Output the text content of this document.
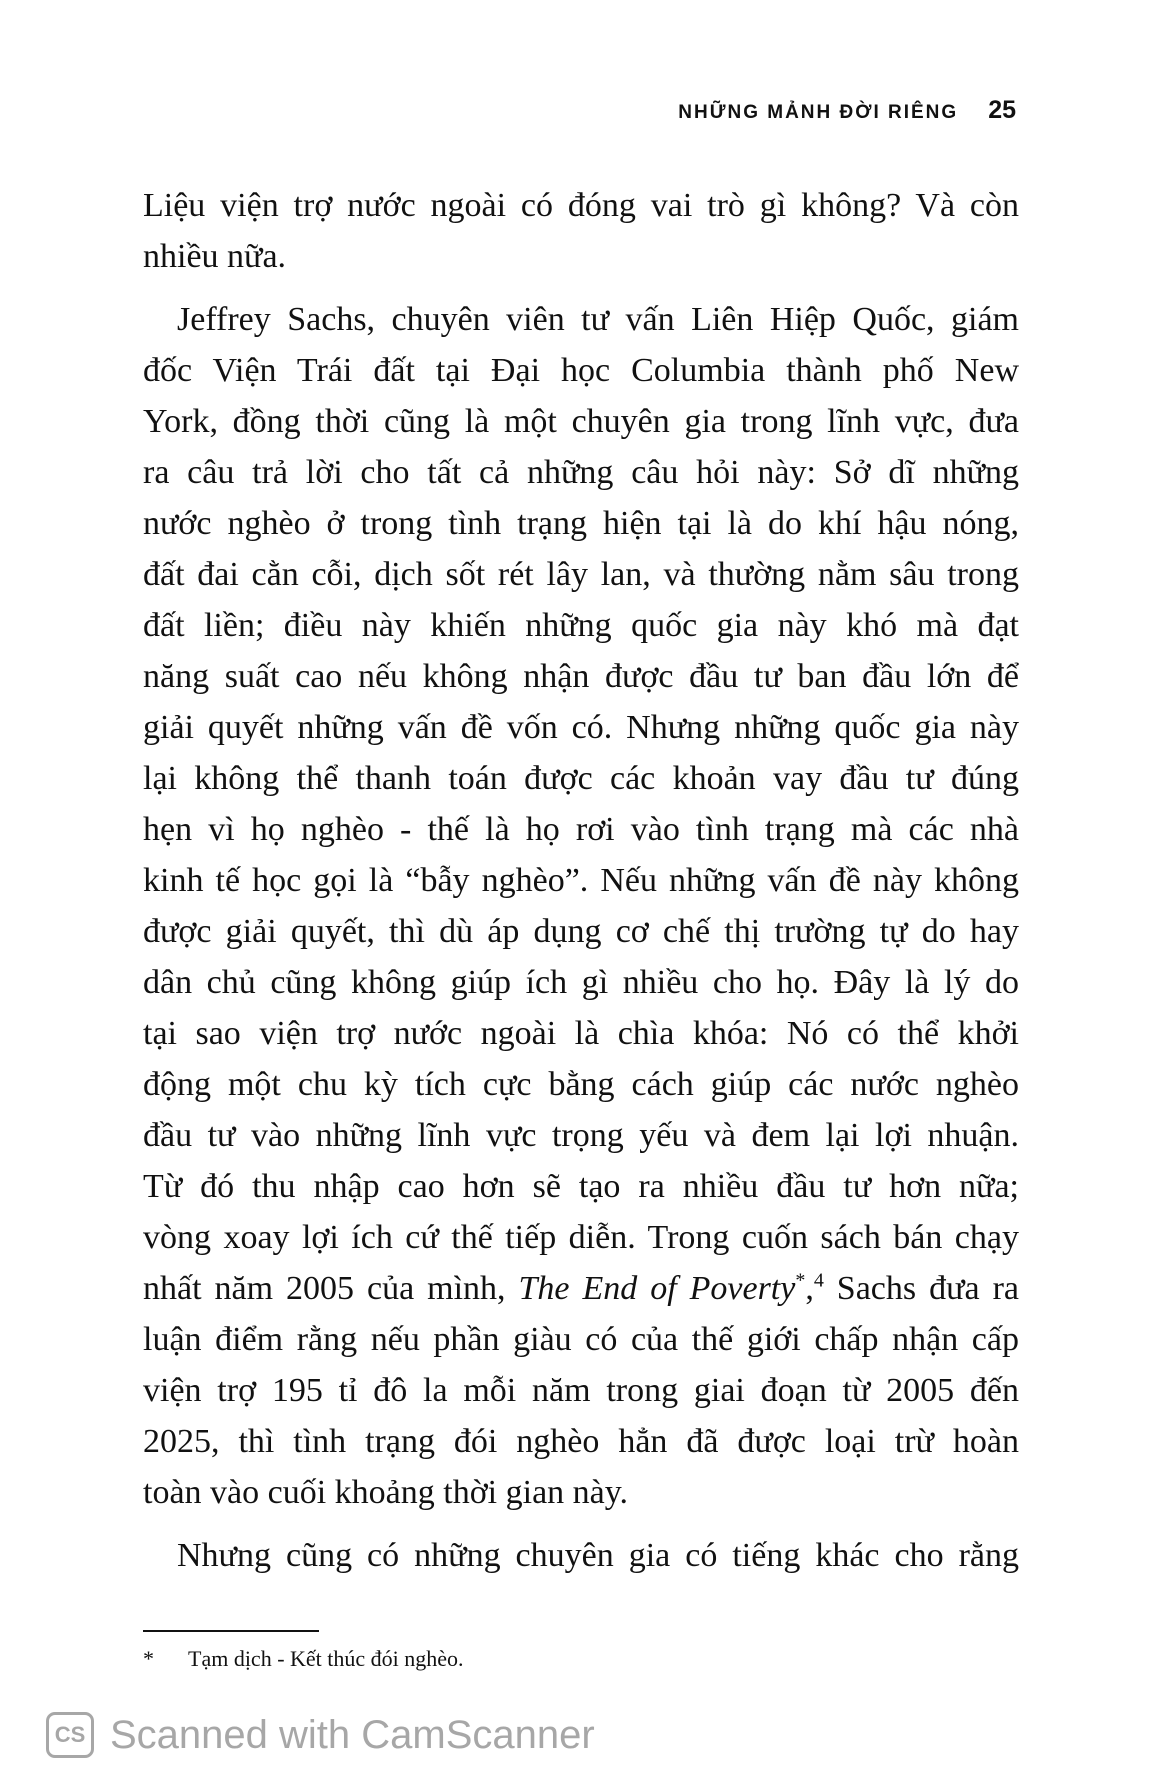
NHỮNG MẢNH ĐỜI RIÊNG 25
Liệu viện trợ nước ngoài có đóng vai trò gì không? Và còn
nhiều nữa.
Jeffrey Sachs, chuyên viên tư vấn Liên Hiệp Quốc, giám
đốc Viện Trái đất tại Đại học Columbia thành phố New
York, đồng thời cũng là một chuyên gia trong lĩnh vực, đưa
ra câu trả lời cho tất cả những câu hỏi này: Sở dĩ những
nước nghèo ở trong tình trạng hiện tại là do khí hậu nóng,
đất đai cằn cỗi, dịch sốt rét lây lan, và thường nằm sâu trong
đất liền; điều này khiến những quốc gia này khó mà đạt
năng suất cao nếu không nhận được đầu tư ban đầu lớn để
giải quyết những vấn đề vốn có. Nhưng những quốc gia này
lại không thể thanh toán được các khoản vay đầu tư đúng
hẹn vì họ nghèo - thế là họ rơi vào tình trạng mà các nhà
kinh tế học gọi là “bẫy nghèo”. Nếu những vấn đề này không
được giải quyết, thì dù áp dụng cơ chế thị trường tự do hay
dân chủ cũng không giúp ích gì nhiều cho họ. Đây là lý do
tại sao viện trợ nước ngoài là chìa khóa: Nó có thể khởi
động một chu kỳ tích cực bằng cách giúp các nước nghèo
đầu tư vào những lĩnh vực trọng yếu và đem lại lợi nhuận.
Từ đó thu nhập cao hơn sẽ tạo ra nhiều đầu tư hơn nữa;
vòng xoay lợi ích cứ thế tiếp diễn. Trong cuốn sách bán chạy
nhất năm 2005 của mình, The End of Poverty*,$^4$ Sachs đưa ra
luận điểm rằng nếu phần giàu có của thế giới chấp nhận cấp
viện trợ 195 tỉ đô la mỗi năm trong giai đoạn từ 2005 đến
2025, thì tình trạng đói nghèo hẳn đã được loại trừ hoàn
toàn vào cuối khoảng thời gian này.
Nhưng cũng có những chuyên gia có tiếng khác cho rằng
* Tạm dịch - Kết thúc đói nghèo.
CS Scanned with CamScanner
